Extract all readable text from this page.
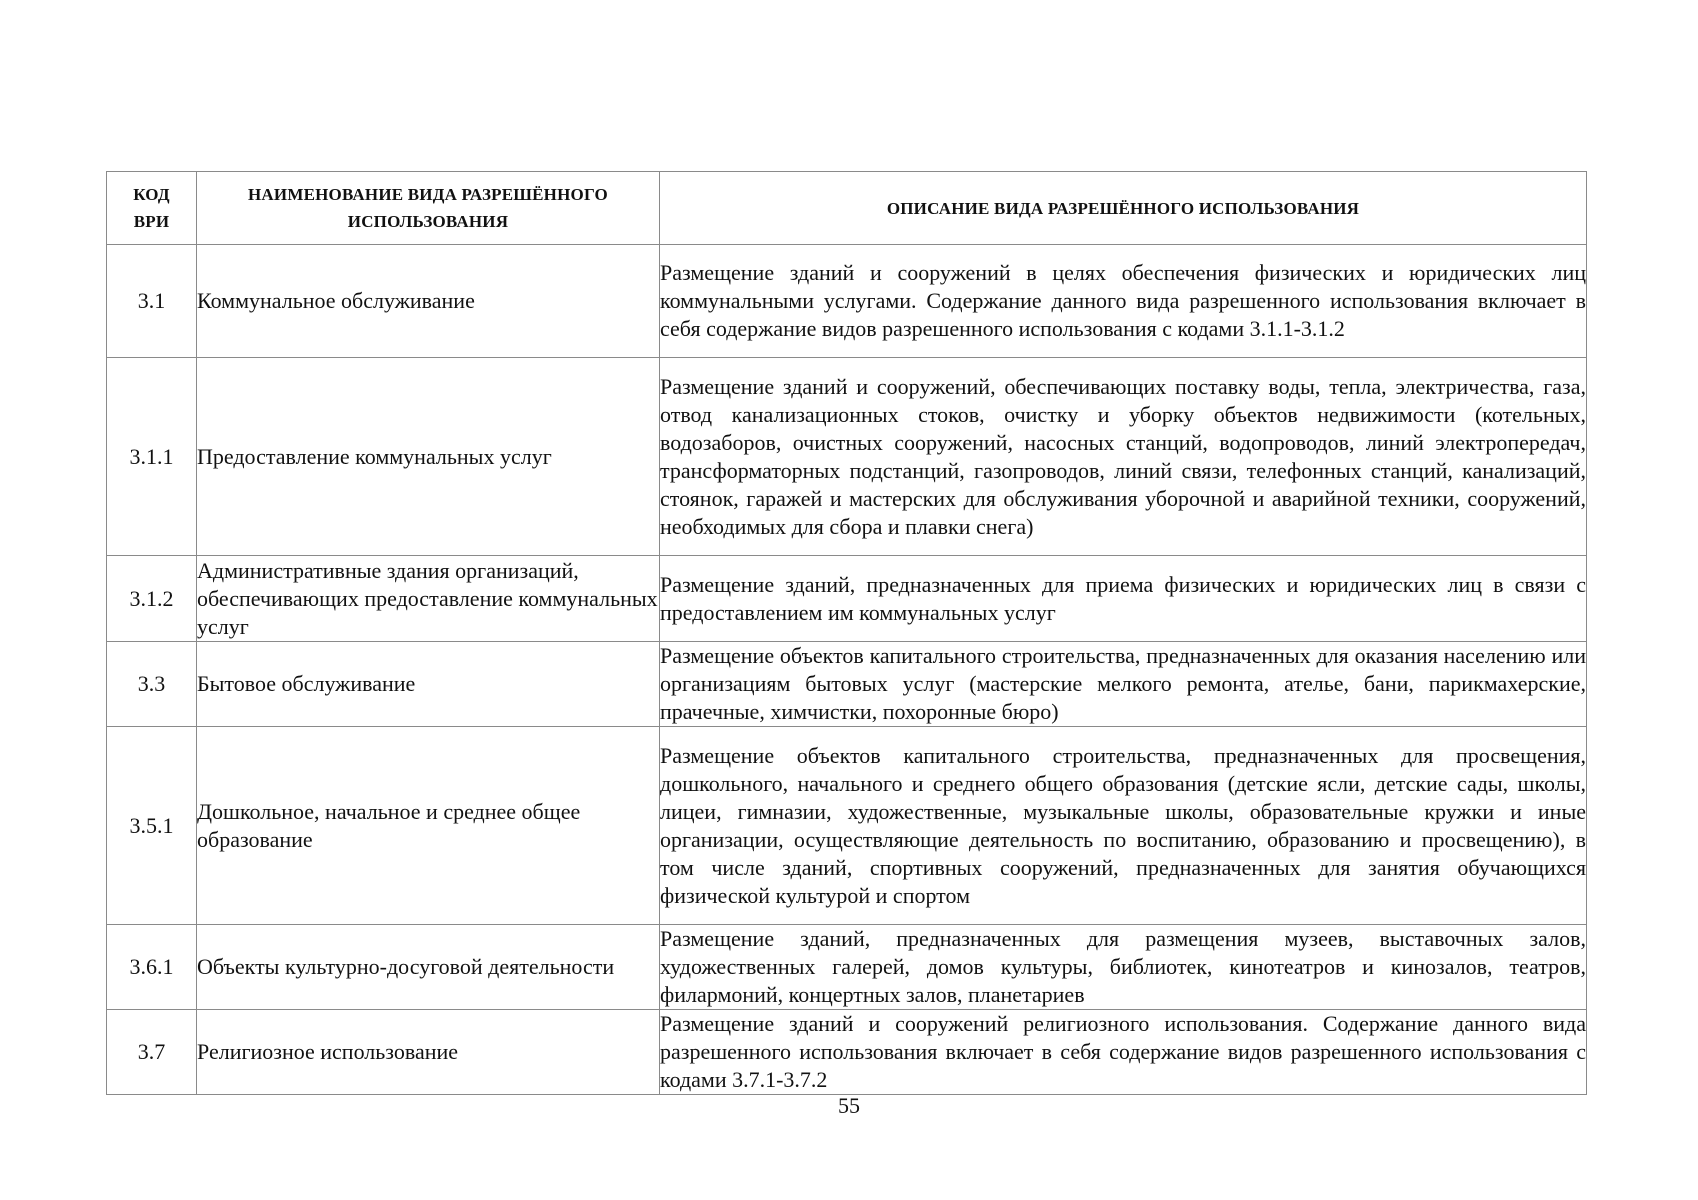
КОД ВРИ	НАИМЕНОВАНИЕ ВИДА РАЗРЕШЁННОГО ИСПОЛЬЗОВАНИЯ	ОПИСАНИЕ ВИДА РАЗРЕШЁННОГО ИСПОЛЬЗОВАНИЯ
3.1	Коммунальное обслуживание	Размещение зданий и сооружений в целях обеспечения физических и юридических лиц коммунальными услугами. Содержание данного вида разрешенного использования включает в себя содержание видов разрешенного использования с кодами 3.1.1-3.1.2
3.1.1	Предоставление коммунальных услуг	Размещение зданий и сооружений, обеспечивающих поставку воды, тепла, электричества, газа, отвод канализационных стоков, очистку и уборку объектов недвижимости (котельных, водозаборов, очистных сооружений, насосных станций, водопроводов, линий электропередач, трансформаторных подстанций, газопроводов, линий связи, телефонных станций, канализаций, стоянок, гаражей и мастерских для обслуживания уборочной и аварийной техники, сооружений, необходимых для сбора и плавки снега)
3.1.2	Административные здания организаций, обеспечивающих предоставление коммунальных услуг	Размещение зданий, предназначенных для приема физических и юридических лиц в связи с предоставлением им коммунальных услуг
3.3	Бытовое обслуживание	Размещение объектов капитального строительства, предназначенных для оказания населению или организациям бытовых услуг (мастерские мелкого ремонта, ателье, бани, парикмахерские, прачечные, химчистки, похоронные бюро)
3.5.1	Дошкольное, начальное и среднее общее образование	Размещение объектов капитального строительства, предназначенных для просвещения, дошкольного, начального и среднего общего образования (детские ясли, детские сады, школы, лицеи, гимназии, художественные, музыкальные школы, образовательные кружки и иные организации, осуществляющие деятельность по воспитанию, образованию и просвещению), в том числе зданий, спортивных сооружений, предназначенных для занятия обучающихся физической культурой и спортом
3.6.1	Объекты культурно-досуговой деятельности	Размещение зданий, предназначенных для размещения музеев, выставочных залов, художественных галерей, домов культуры, библиотек, кинотеатров и кинозалов, театров, филармоний, концертных залов, планетариев
3.7	Религиозное использование	Размещение зданий и сооружений религиозного использования. Содержание данного вида разрешенного использования включает в себя содержание видов разрешенного использования с кодами 3.7.1-3.7.2
55
